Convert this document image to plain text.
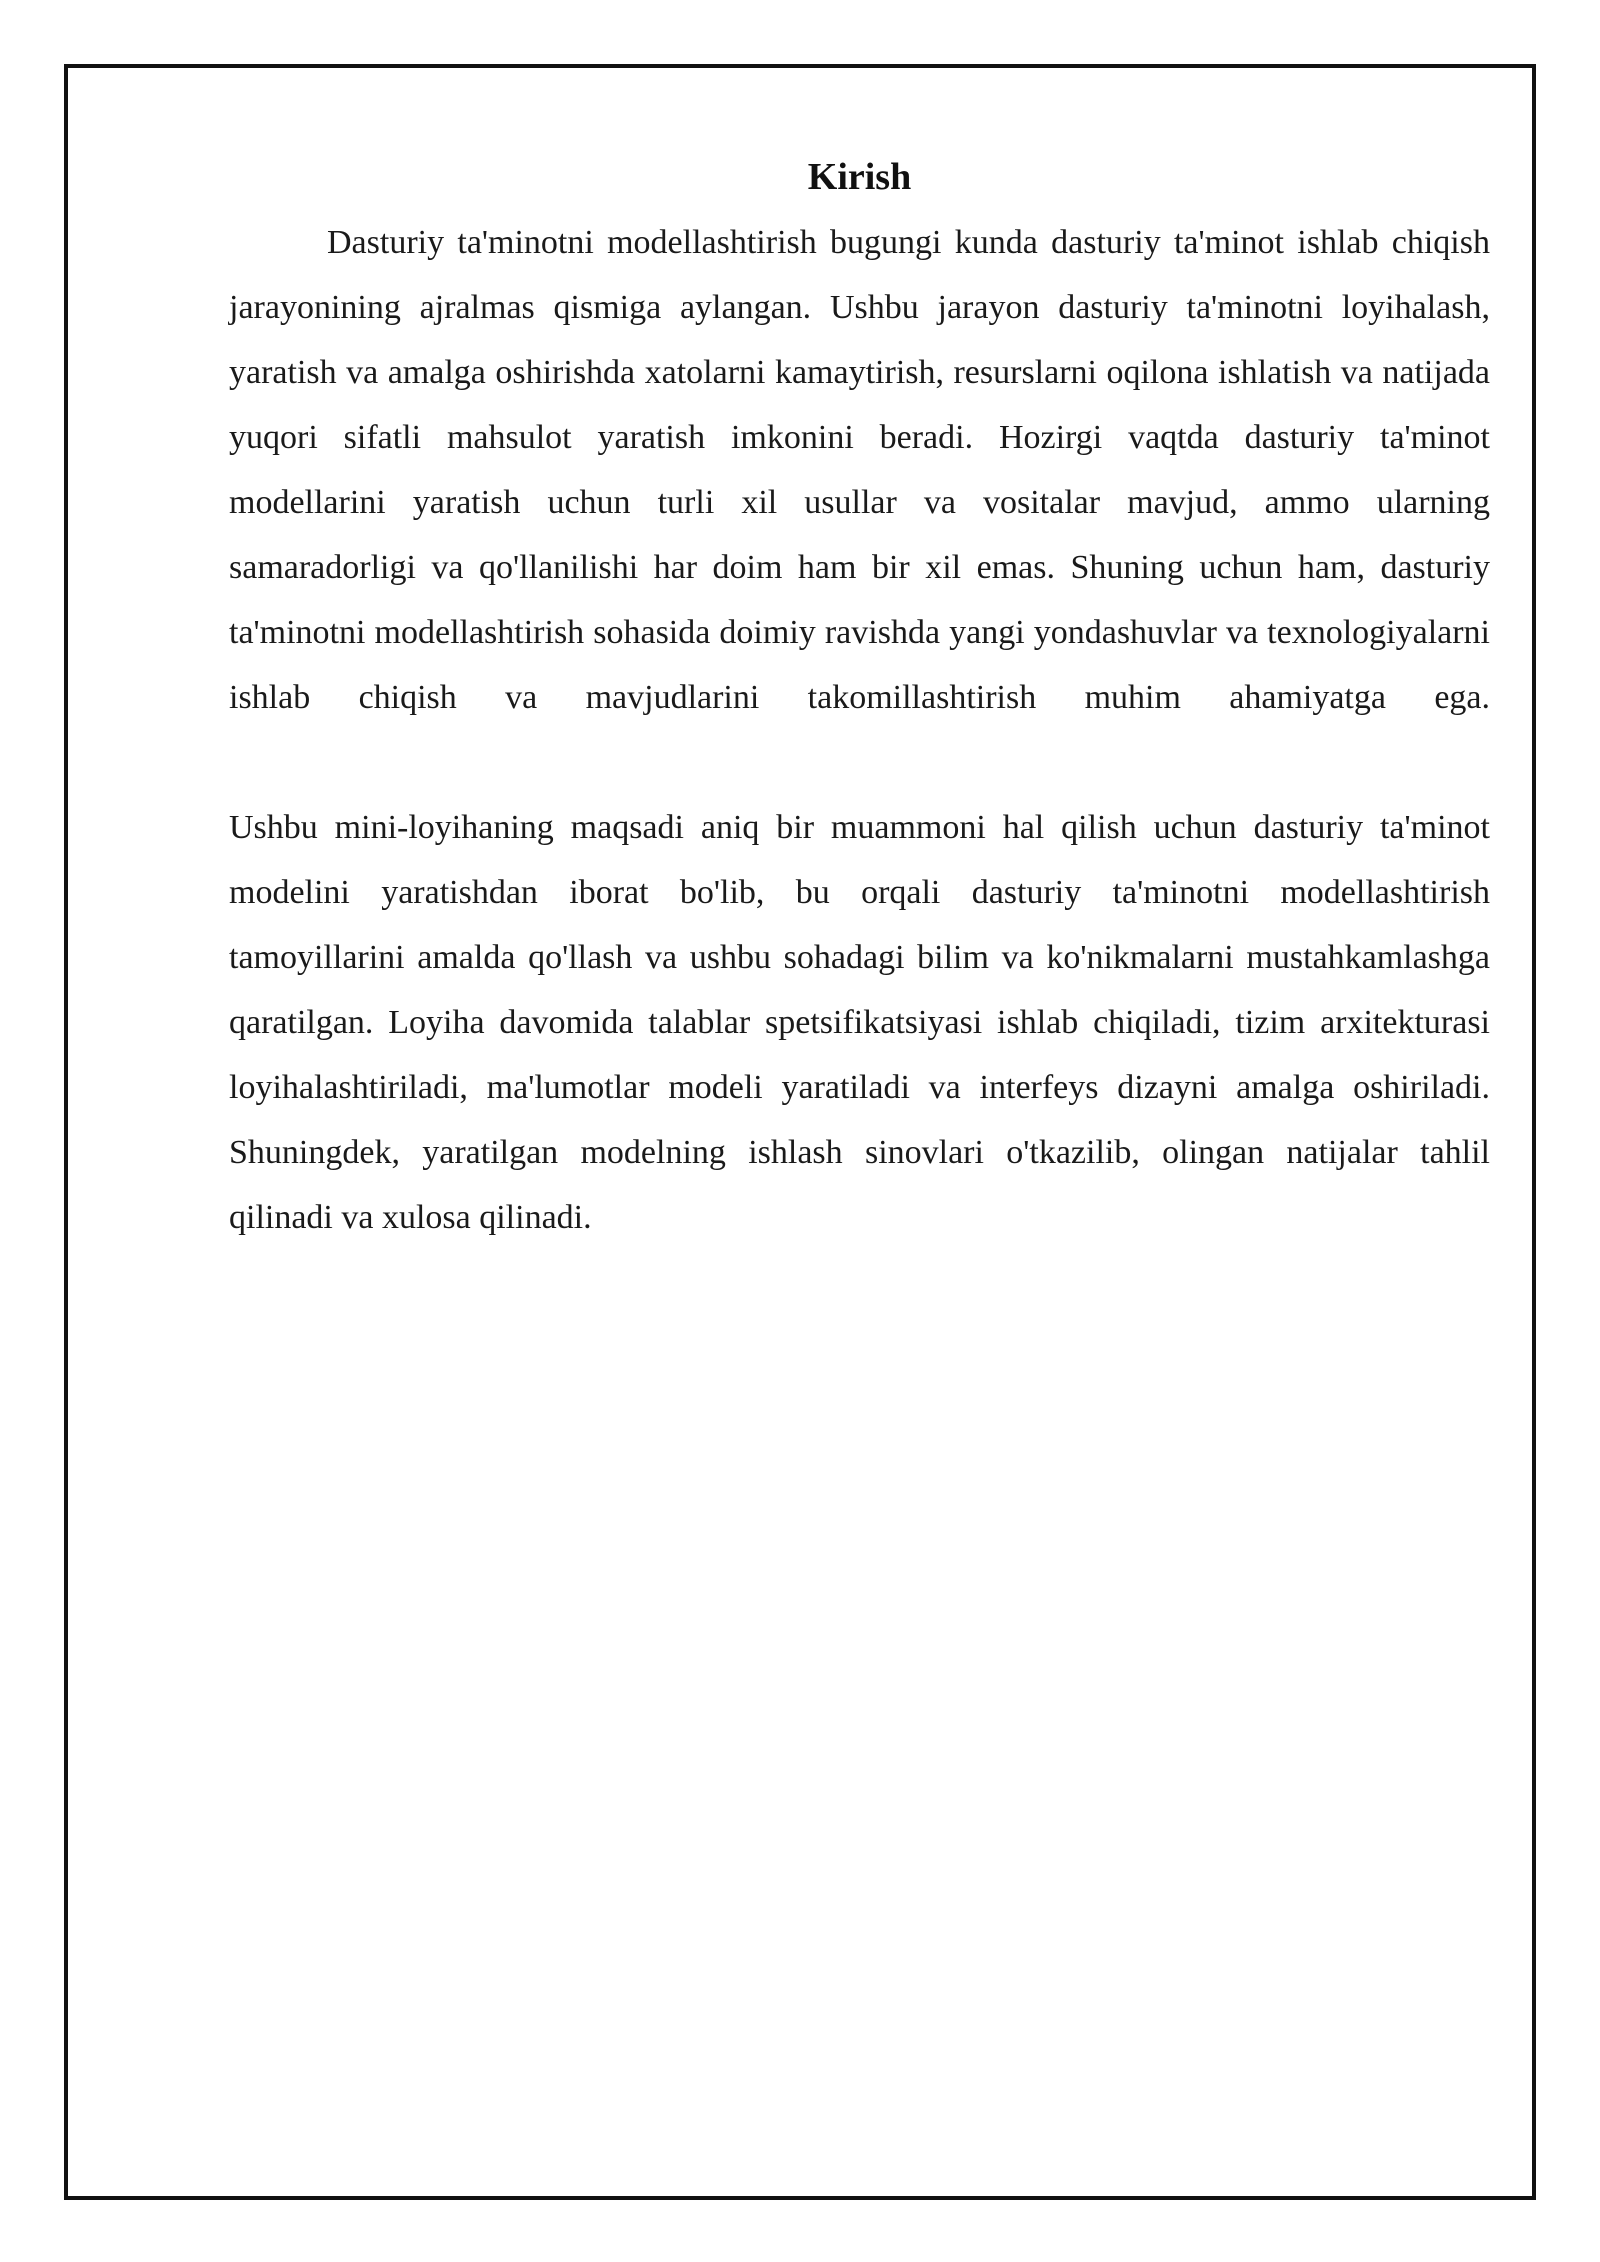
Kirish

Dasturiy ta'minotni modellashtirish bugungi kunda dasturiy ta'minot ishlab chiqish jarayonining ajralmas qismiga aylangan. Ushbu jarayon dasturiy ta'minotni loyihalash, yaratish va amalga oshirishda xatolarni kamaytirish, resurslarni oqilona ishlatish va natijada yuqori sifatli mahsulot yaratish imkonini beradi. Hozirgi vaqtda dasturiy ta'minot modellarini yaratish uchun turli xil usullar va vositalar mavjud, ammo ularning samaradorligi va qo'llanilishi har doim ham bir xil emas. Shuning uchun ham, dasturiy ta'minotni modellashtirish sohasida doimiy ravishda yangi yondashuvlar va texnologiyalarni ishlab chiqish va mavjudlarini takomillashtirish muhim ahamiyatga ega.

Ushbu mini-loyihaning maqsadi aniq bir muammoni hal qilish uchun dasturiy ta'minot modelini yaratishdan iborat bo'lib, bu orqali dasturiy ta'minotni modellashtirish tamoyillarini amalda qo'llash va ushbu sohadagi bilim va ko'nikmalarni mustahkamlashga qaratilgan. Loyiha davomida talablar spetsifikatsiyasi ishlab chiqiladi, tizim arxitekturasi loyihalashtiriladi, ma'lumotlar modeli yaratiladi va interfeys dizayni amalga oshiriladi. Shuningdek, yaratilgan modelning ishlash sinovlari o'tkazilib, olingan natijalar tahlil qilinadi va xulosa qilinadi.
